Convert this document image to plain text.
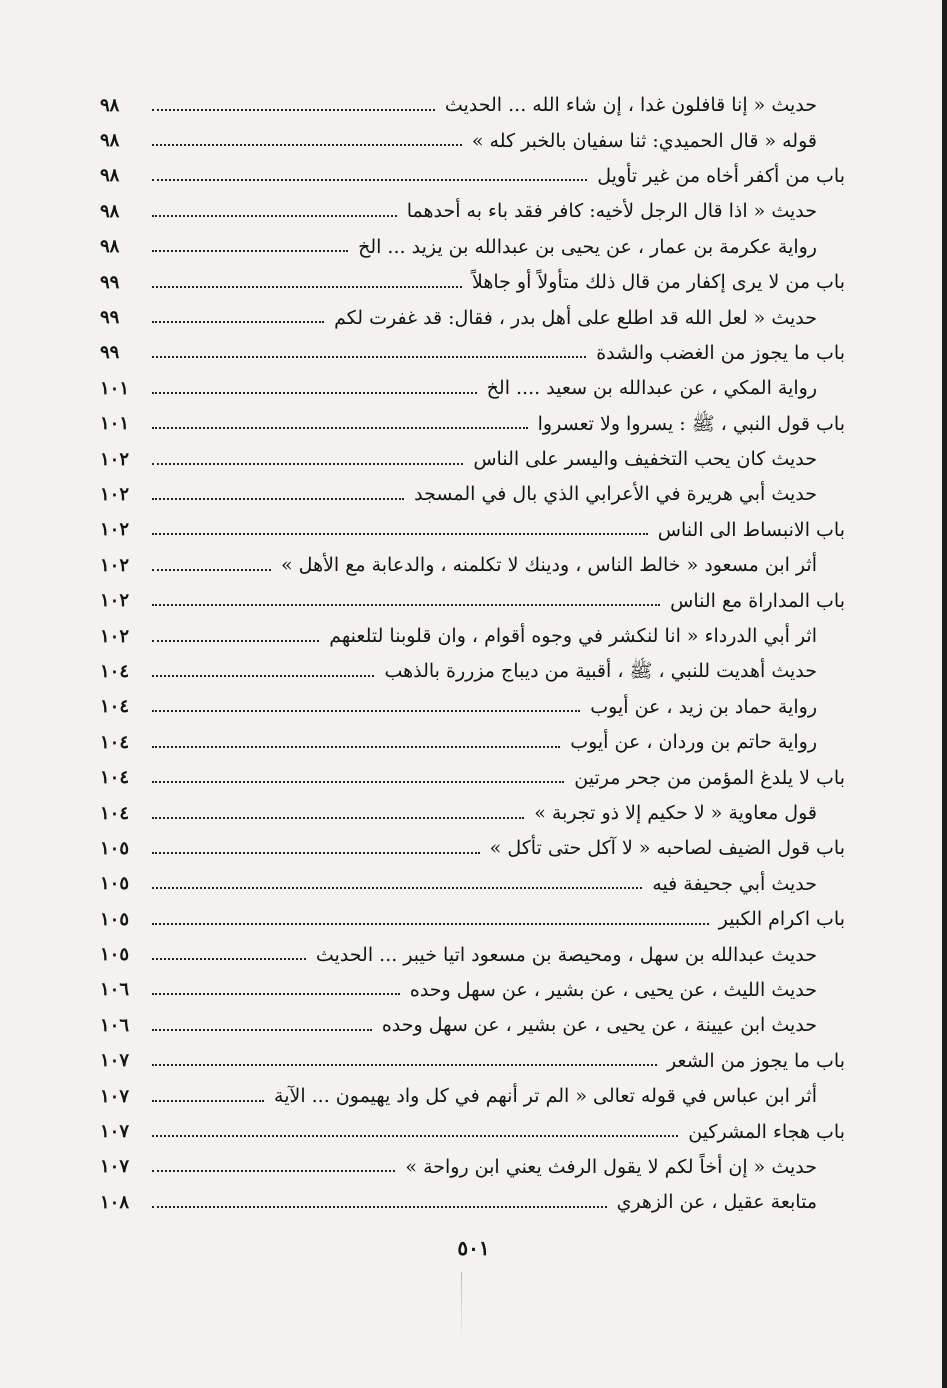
حديث « إنا قافلون غدا ، إن شاء الله ... الحديث
٩٨
قوله « قال الحميدي: ثنا سفيان بالخبر كله »
٩٨
باب من أكفر أخاه من غير تأويل
٩٨
حديث « اذا قال الرجل لأخيه: كافر فقد باء به أحدهما
٩٨
رواية عكرمة بن عمار ، عن يحيى بن عبدالله بن يزيد ... الخ
٩٨
باب من لا يرى إكفار من قال ذلك متأولاً أو جاهلاً
٩٩
حديث « لعل الله قد اطلع على أهل بدر ، فقال: قد غفرت لكم
٩٩
باب ما يجوز من الغضب والشدة
٩٩
رواية المكي ، عن عبدالله بن سعيد .... الخ
١٠١
باب قول النبي ، ﷺ : يسروا ولا تعسروا
١٠١
حديث كان يحب التخفيف واليسر على الناس
١٠٢
حديث أبي هريرة في الأعرابي الذي بال في المسجد
١٠٢
باب الانبساط الى الناس
١٠٢
أثر ابن مسعود « خالط الناس ، ودينك لا تكلمنه ، والدعابة مع الأهل »
١٠٢
باب المداراة مع الناس
١٠٢
اثر أبي الدرداء « انا لنكشر في وجوه أقوام ، وان قلوبنا لتلعنهم
١٠٢
حديث أهديت للنبي ، ﷺ ، أقبية من ديباج مزررة بالذهب
١٠٤
رواية حماد بن زيد ، عن أيوب
١٠٤
رواية حاتم بن وردان ، عن أيوب
١٠٤
باب لا يلدغ المؤمن من جحر مرتين
١٠٤
قول معاوية « لا حكيم إلا ذو تجربة »
١٠٤
باب قول الضيف لصاحبه « لا آكل حتى تأكل »
١٠٥
حديث أبي جحيفة فيه
١٠٥
باب اكرام الكبير
١٠٥
حديث عبدالله بن سهل ، ومحيصة بن مسعود اتيا خيبر ... الحديث
١٠٥
حديث الليث ، عن يحيى ، عن بشير ، عن سهل وحده
١٠٦
حديث ابن عيينة ، عن يحيى ، عن بشير ، عن سهل وحده
١٠٦
باب ما يجوز من الشعر
١٠٧
أثر ابن عباس في قوله تعالى « الم تر أنهم في كل واد يهيمون ... الآية
١٠٧
باب هجاء المشركين
١٠٧
حديث « إن أخاً لكم لا يقول الرفث يعني ابن رواحة »
١٠٧
متابعة عقيل ، عن الزهري
١٠٨
٥٠١
